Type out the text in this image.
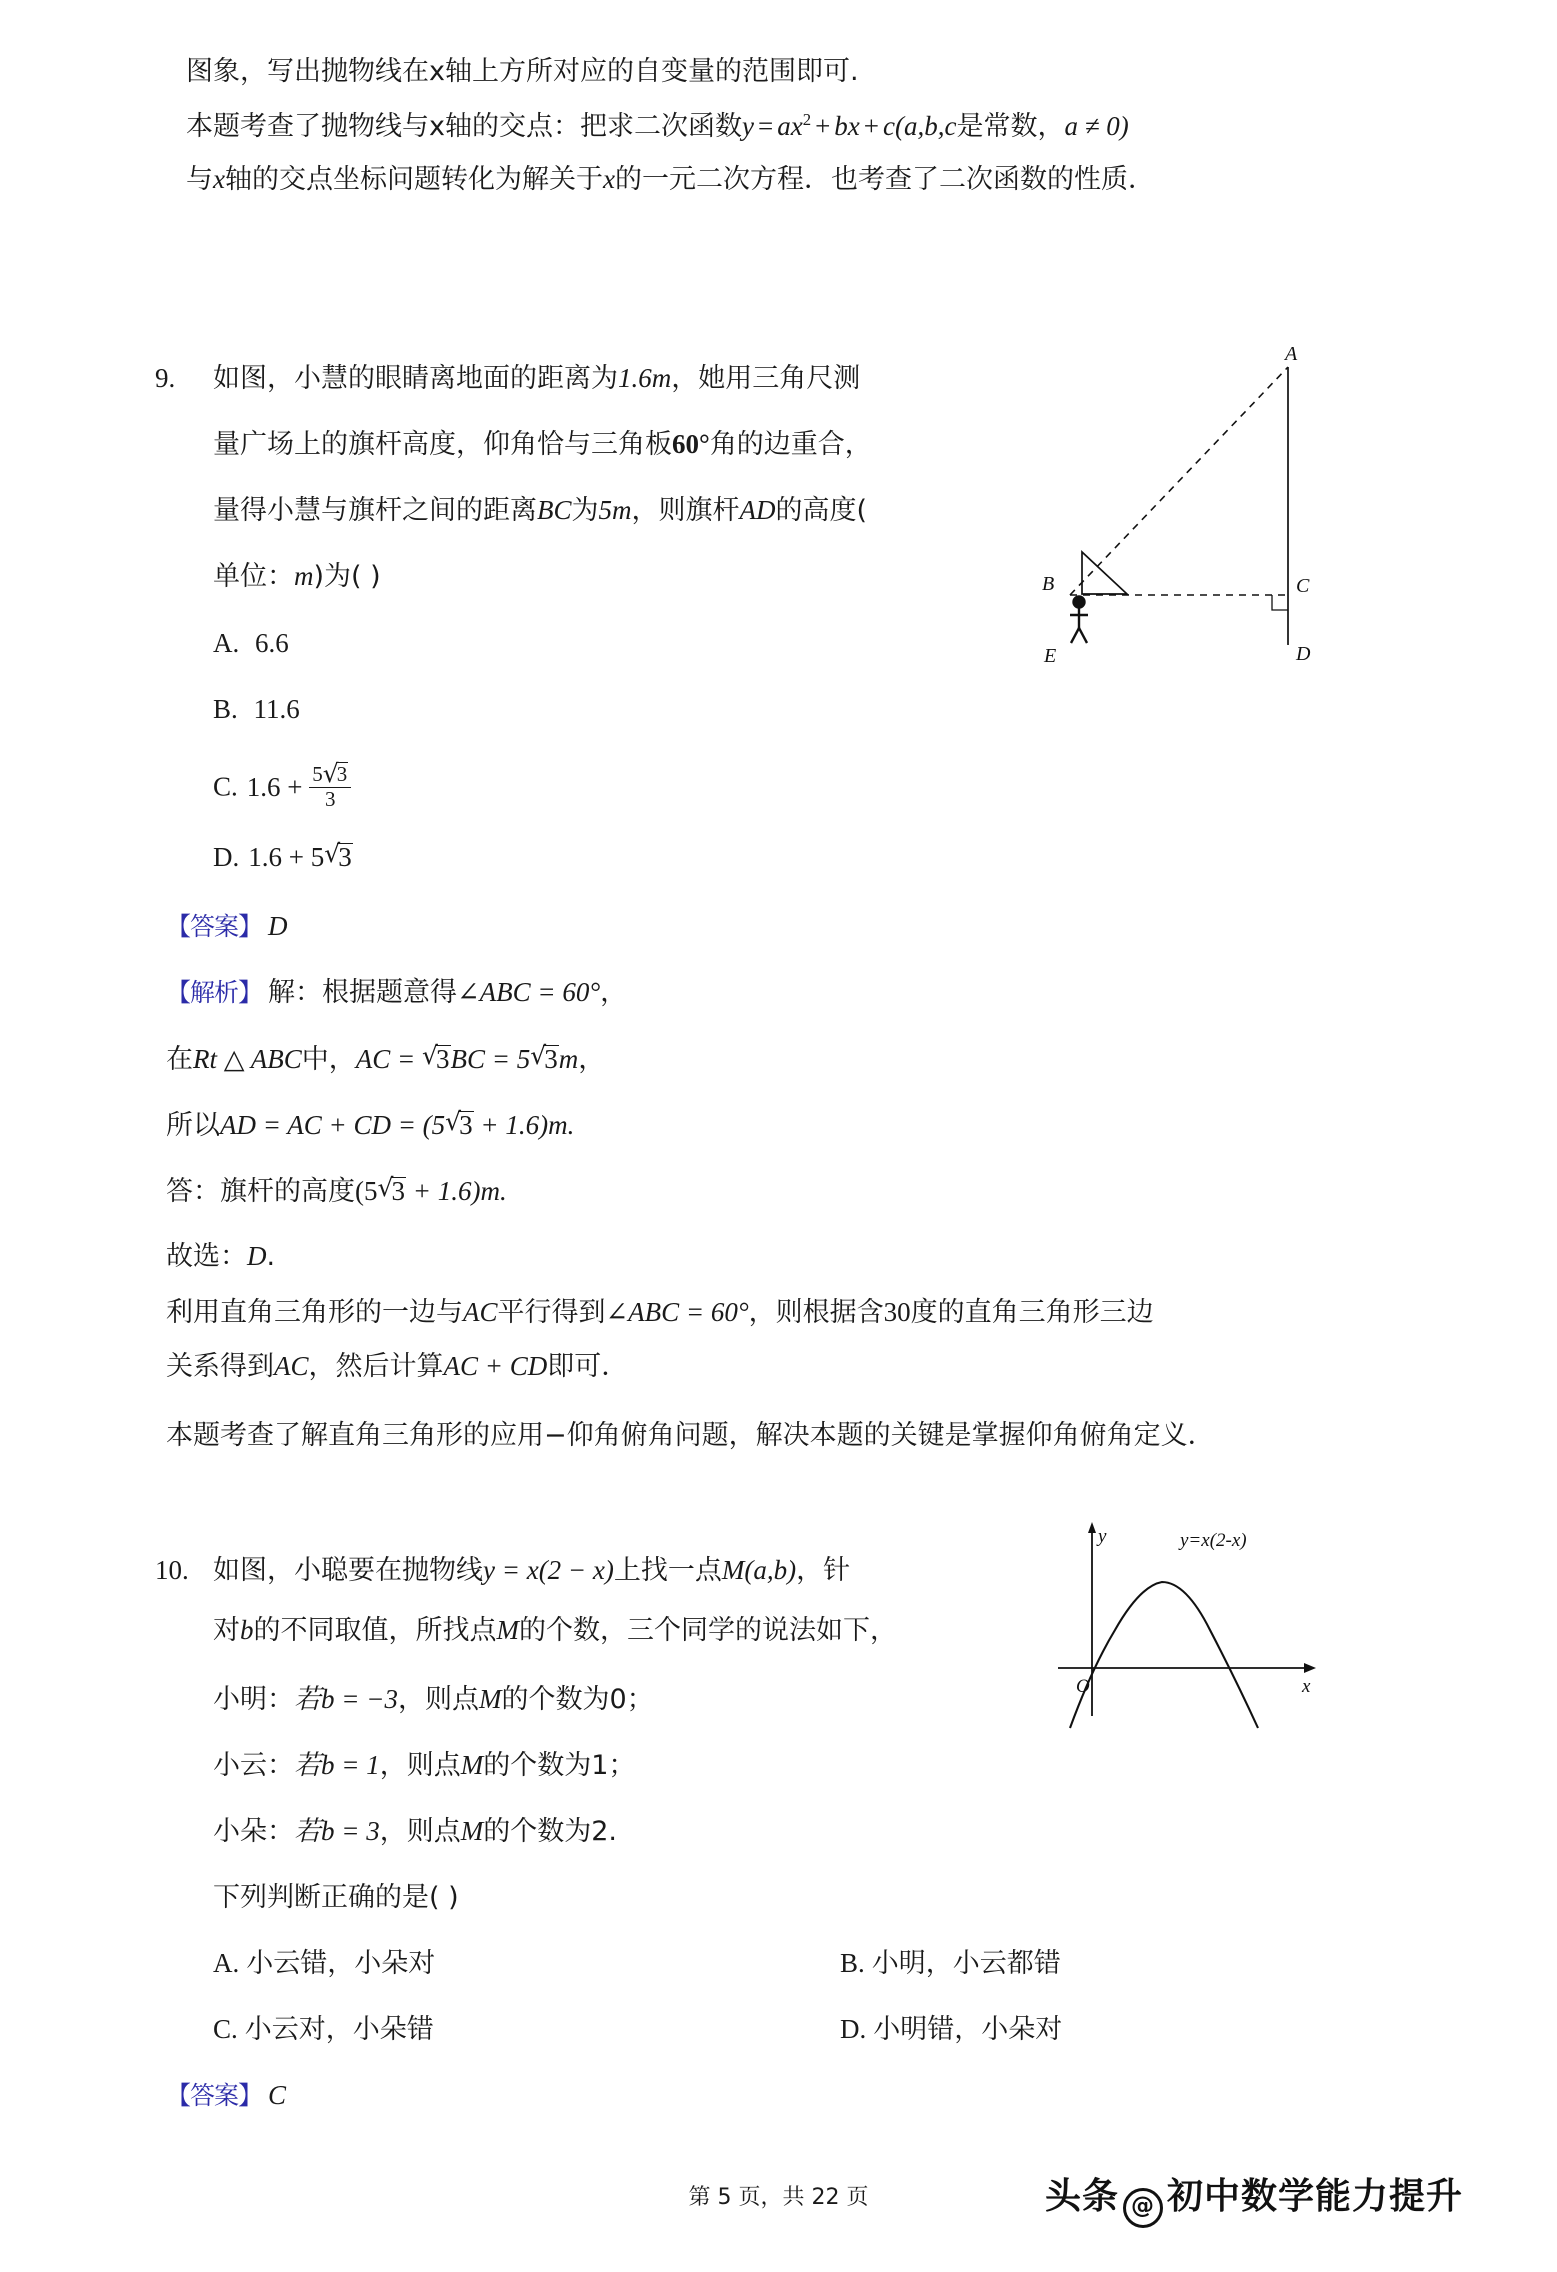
图象，写出抛物线在x轴上方所对应的自变量的范围即可.
本题考查了抛物线与x轴的交点：把求二次函数$y = ax^2$ + bx + c(a,b,c是常数，a ≠ 0)
与x轴的交点坐标问题转化为解关于x的一元二次方程．也考查了二次函数的性质．
9. 如图，小慧的眼睛离地面的距离为1.6m，她用三角尺测
量广场上的旗杆高度，仰角恰与三角板60°角的边重合，
量得小慧与旗杆之间的距离BC为5m，则旗杆AD的高度(
单位：m)为( )
A. 6.6
B. 11.6
C. $1.6 + \frac{5 √ 3}{3}$
D. 1.6 + 5 √ 3
【答案】 D
【解析】 解：根据题意得∠ABC = 60°，
在Rt △ ABC中，AC = √ 3BC = 5 √ 3m，
所以AD = AC + CD = (5 √ 3 + 1.6)m.
答：旗杆的高度(5 √ 3 + 1.6)m.
故选：D.
利用直角三角形的一边与AC平行得到∠ABC = 60°，则根据含30度的直角三角形三边
关系得到AC，然后计算AC + CD即可．
本题考查了解直角三角形的应用−仰角俯角问题，解决本题的关键是掌握仰角俯角定义．
A
B	C
D
E
10. 如图，小聪要在抛物线y = x(2 − x)上找一点M(a,b)，针
对b的不同取值，所找点M的个数，三个同学的说法如下，
小明：若b = −3，则点M的个数为0；
小云：若b = 1，则点M的个数为1；
小朵：若b = 3，则点M的个数为2.
下列判断正确的是( )
A. 小云错，小朵对	B. 小明，小云都错
C. 小云对，小朵错	D. 小明错，小朵对
【答案】 C
O
y
x
y=x(2-x)
第 5 页，共 22 页	头条 @ 初中数学能力提升
